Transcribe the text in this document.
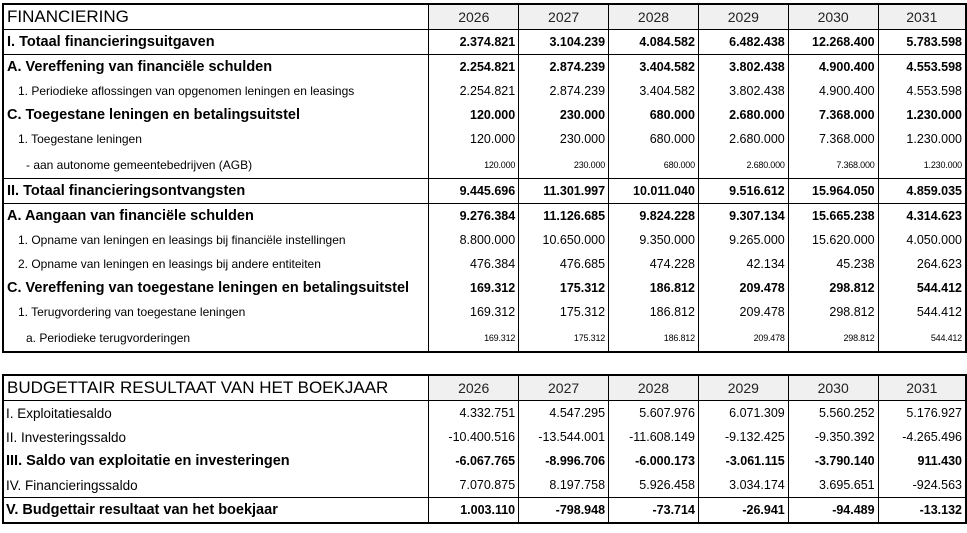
FINANCIERING	2026	2027	2028	2029	2030	2031
I. Totaal financieringsuitgaven	2.374.821	3.104.239	4.084.582	6.482.438	12.268.400	5.783.598
A. Vereffening van financiële schulden	2.254.821	2.874.239	3.404.582	3.802.438	4.900.400	4.553.598
1. Periodieke aflossingen van opgenomen leningen en leasings	2.254.821	2.874.239	3.404.582	3.802.438	4.900.400	4.553.598
C. Toegestane leningen en betalingsuitstel	120.000	230.000	680.000	2.680.000	7.368.000	1.230.000
1. Toegestane leningen	120.000	230.000	680.000	2.680.000	7.368.000	1.230.000
- aan autonome gemeentebedrijven (AGB)	120.000	230.000	680.000	2.680.000	7.368.000	1.230.000
II. Totaal financieringsontvangsten	9.445.696	11.301.997	10.011.040	9.516.612	15.964.050	4.859.035
A. Aangaan van financiële schulden	9.276.384	11.126.685	9.824.228	9.307.134	15.665.238	4.314.623
1. Opname van leningen en leasings bij financiële instellingen	8.800.000	10.650.000	9.350.000	9.265.000	15.620.000	4.050.000
2. Opname van leningen en leasings bij andere entiteiten	476.384	476.685	474.228	42.134	45.238	264.623
C. Vereffening van toegestane leningen en betalingsuitstel	169.312	175.312	186.812	209.478	298.812	544.412
1. Terugvordering van toegestane leningen	169.312	175.312	186.812	209.478	298.812	544.412
a. Periodieke terugvorderingen	169.312	175.312	186.812	209.478	298.812	544.412
BUDGETTAIR RESULTAAT VAN HET BOEKJAAR	2026	2027	2028	2029	2030	2031
I. Exploitatiesaldo	4.332.751	4.547.295	5.607.976	6.071.309	5.560.252	5.176.927
II. Investeringssaldo	-10.400.516	-13.544.001	-11.608.149	-9.132.425	-9.350.392	-4.265.496
III. Saldo van exploitatie en investeringen	-6.067.765	-8.996.706	-6.000.173	-3.061.115	-3.790.140	911.430
IV. Financieringssaldo	7.070.875	8.197.758	5.926.458	3.034.174	3.695.651	-924.563
V. Budgettair resultaat van het boekjaar	1.003.110	-798.948	-73.714	-26.941	-94.489	-13.132
